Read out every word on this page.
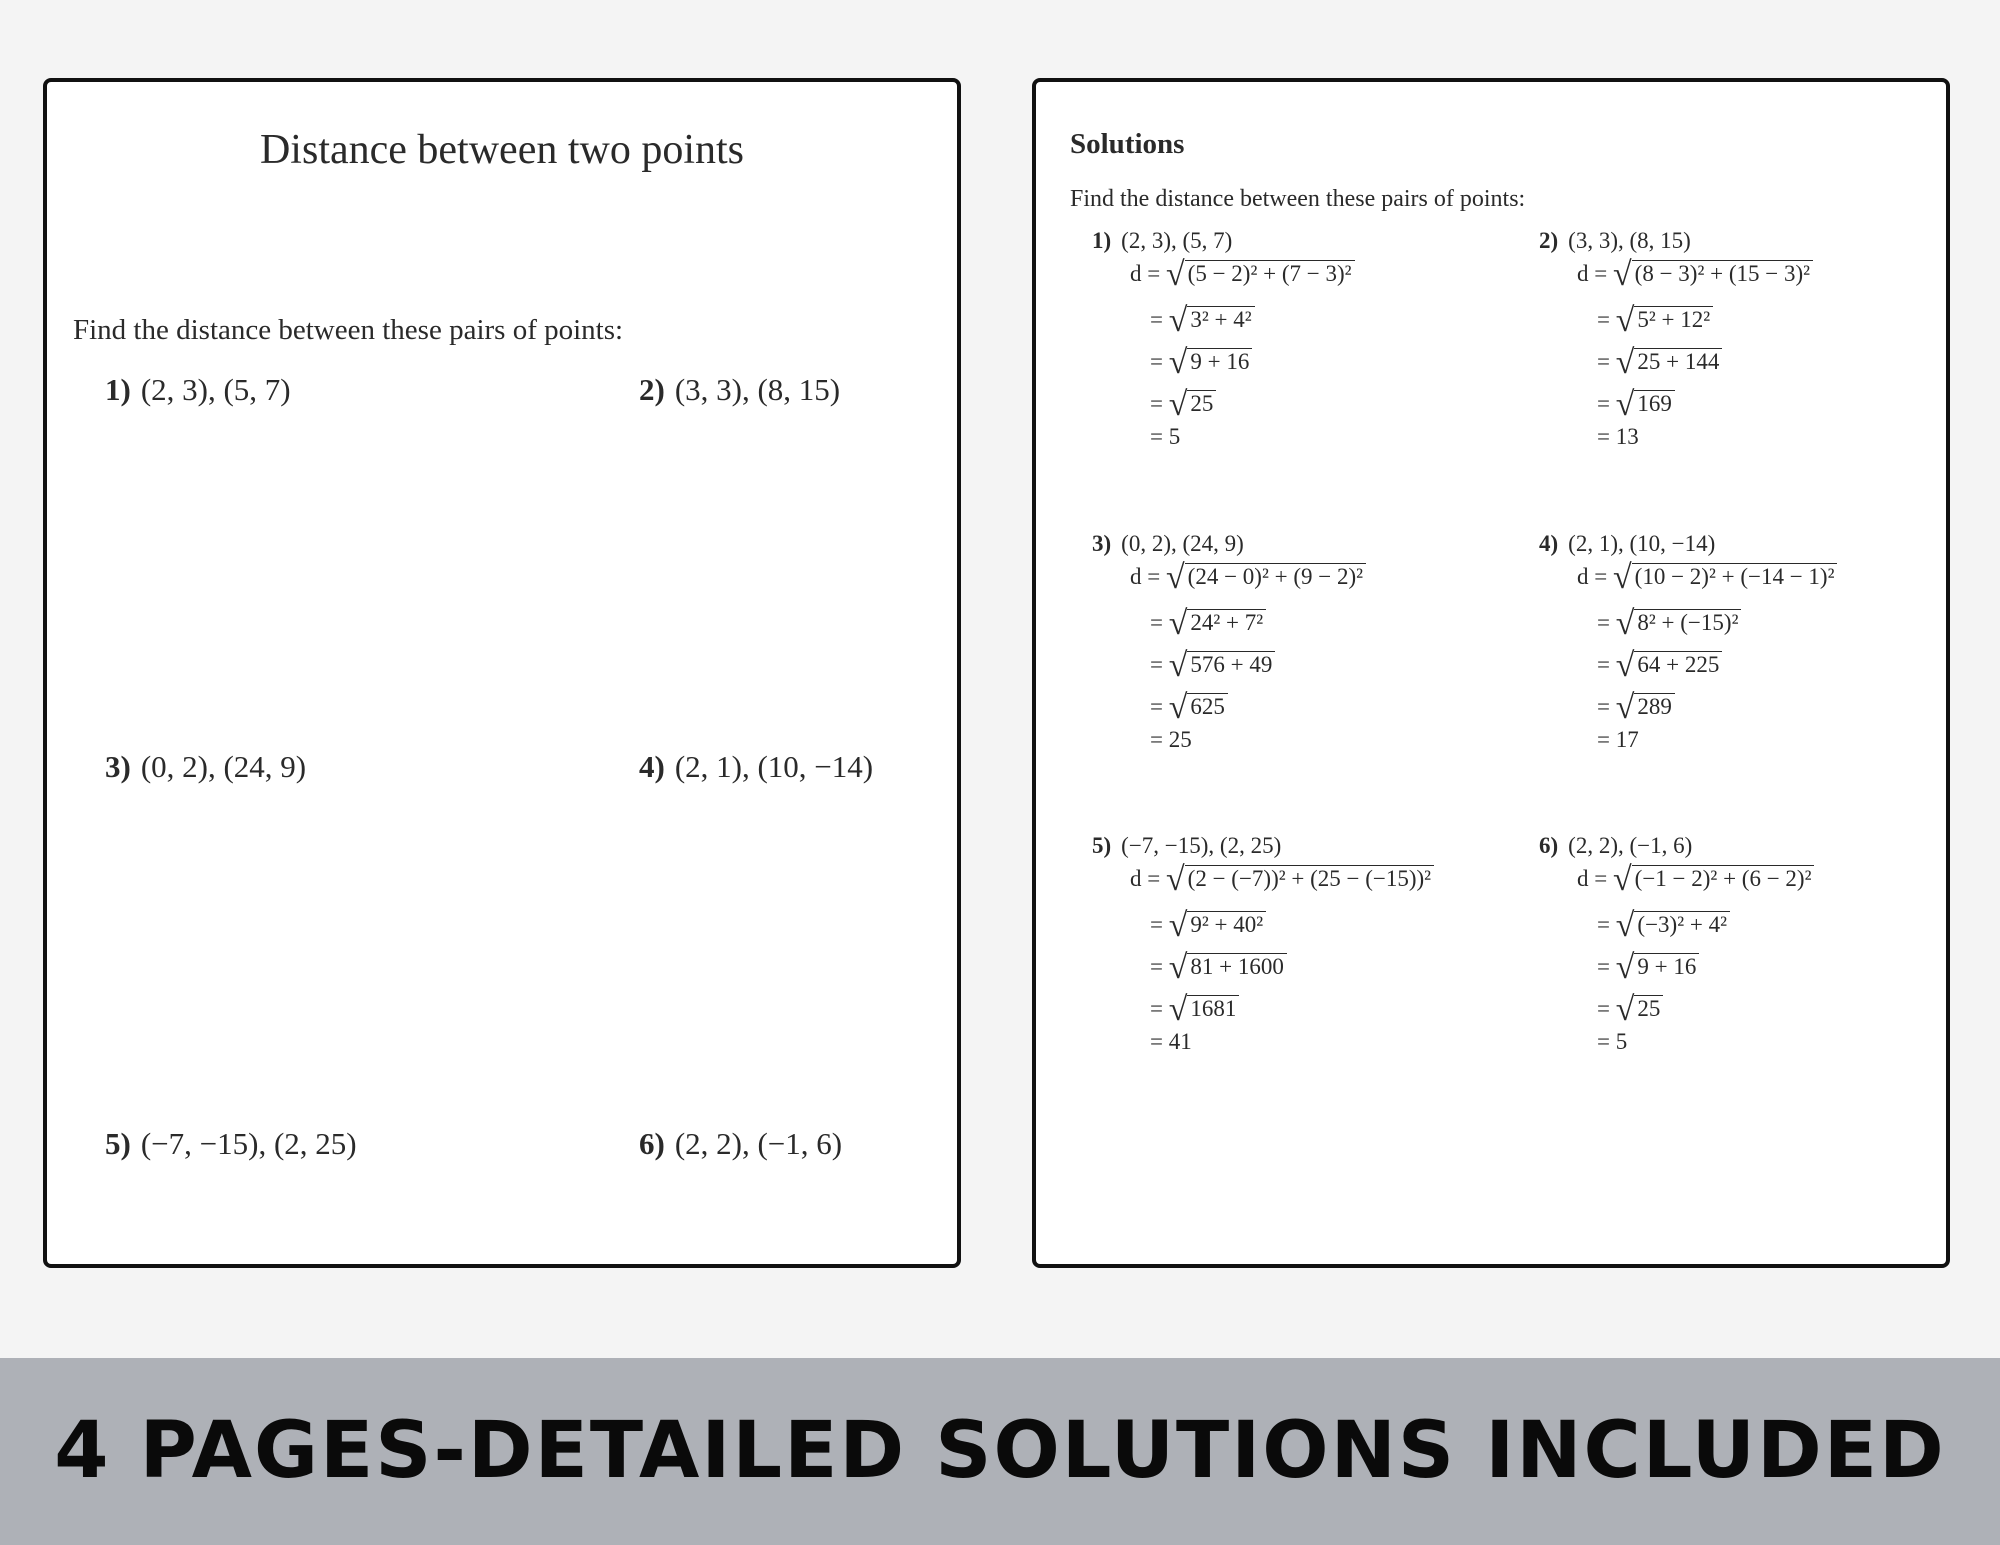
Distance between two points
Find the distance between these pairs of points:
1) (2, 3), (5, 7)	2) (3, 3), (8, 15)
3) (0, 2), (24, 9)	4) (2, 1), (10, −14)
5) (−7, −15), (2, 25)	6) (2, 2), (−1, 6)
Solutions
Find the distance between these pairs of points:
1) (2, 3), (5, 7)
d = √ (5 − 2)² + (7 − 3)²
= √ 3² + 4²
= √ 9 + 16
= √ 25
= 5
2) (3, 3), (8, 15)
d = √ (8 − 3)² + (15 − 3)²
= √ 5² + 12²
= √ 25 + 144
= √ 169
= 13
3) (0, 2), (24, 9)
d = √ (24 − 0)² + (9 − 2)²
= √ 24² + 7²
= √ 576 + 49
= √ 625
= 25
4) (2, 1), (10, −14)
d = √ (10 − 2)² + (−14 − 1)²
= √ 8² + (−15)²
= √ 64 + 225
= √ 289
= 17
5) (−7, −15), (2, 25)
d = √ (2 − (−7))² + (25 − (−15))²
= √ 9² + 40²
= √ 81 + 1600
= √ 1681
= 41
6) (2, 2), (−1, 6)
d = √ (−1 − 2)² + (6 − 2)²
= √ (−3)² + 4²
= √ 9 + 16
= √ 25
= 5
4 PAGES-DETAILED SOLUTIONS INCLUDED
